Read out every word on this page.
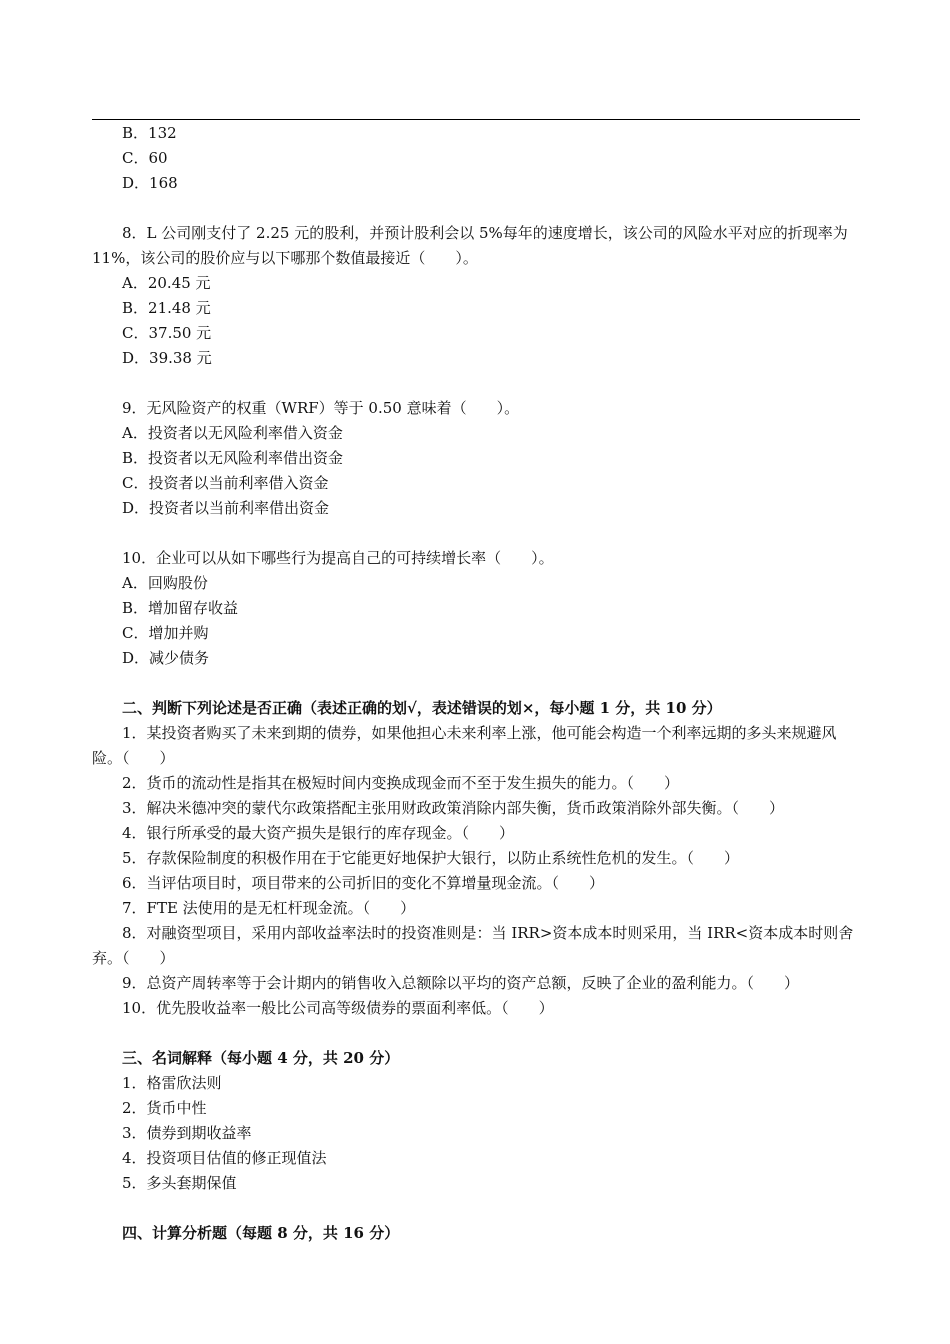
B．132
C．60
D．168
8．L 公司刚支付了 2.25 元的股利，并预计股利会以 5%每年的速度增长，该公司的风险水平对应的折现率为 11%，该公司的股价应与以下哪那个数值最接近（　　）。
A．20.45 元
B．21.48 元
C．37.50 元
D．39.38 元
9．无风险资产的权重（WRF）等于 0.50 意味着（　　）。
A．投资者以无风险利率借入资金
B．投资者以无风险利率借出资金
C．投资者以当前利率借入资金
D．投资者以当前利率借出资金
10．企业可以从如下哪些行为提高自己的可持续增长率（　　）。
A．回购股份
B．增加留存收益
C．增加并购
D．减少债务
二、判断下列论述是否正确（表述正确的划√，表述错误的划×，每小题 1 分，共 10 分）
1．某投资者购买了未来到期的债券，如果他担心未来利率上涨，他可能会构造一个利率远期的多头来规避风险。（　　）
2．货币的流动性是指其在极短时间内变换成现金而不至于发生损失的能力。（　　）
3．解决米德冲突的蒙代尔政策搭配主张用财政政策消除内部失衡，货币政策消除外部失衡。（　　）
4．银行所承受的最大资产损失是银行的库存现金。（　　）
5．存款保险制度的积极作用在于它能更好地保护大银行，以防止系统性危机的发生。（　　）
6．当评估项目时，项目带来的公司折旧的变化不算增量现金流。（　　）
7．FTE 法使用的是无杠杆现金流。（　　）
8．对融资型项目，采用内部收益率法时的投资准则是：当 IRR>资本成本时则采用，当 IRR<资本成本时则舍弃。（　　）
9．总资产周转率等于会计期内的销售收入总额除以平均的资产总额，反映了企业的盈利能力。（　　）
10．优先股收益率一般比公司高等级债券的票面利率低。（　　）
三、名词解释（每小题 4 分，共 20 分）
1．格雷欣法则
2．货币中性
3．债券到期收益率
4．投资项目估值的修正现值法
5．多头套期保值
四、计算分析题（每题 8 分，共 16 分）
